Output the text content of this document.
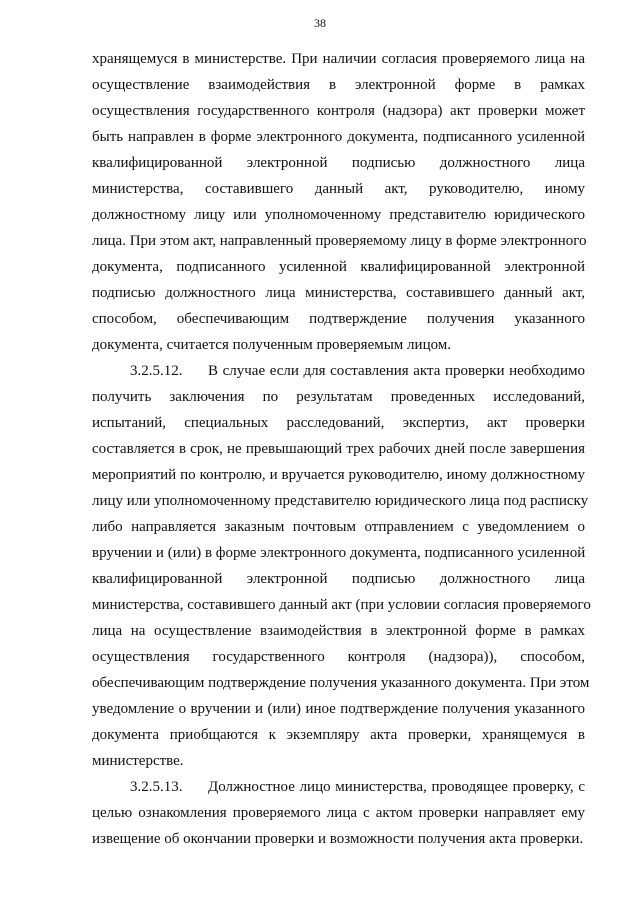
38
хранящемуся в министерстве. При наличии согласия проверяемого лица на
осуществление взаимодействия в электронной форме в рамках
осуществления государственного контроля (надзора) акт проверки может
быть направлен в форме электронного документа, подписанного усиленной
квалифицированной электронной подписью должностного лица
министерства, составившего данный акт, руководителю, иному
должностному лицу или уполномоченному представителю юридического
лица. При этом акт, направленный проверяемому лицу в форме электронного
документа, подписанного усиленной квалифицированной электронной
подписью должностного лица министерства, составившего данный акт,
способом, обеспечивающим подтверждение получения указанного
документа, считается полученным проверяемым лицом.
3.2.5.12. В случае если для составления акта проверки необходимо
получить заключения по результатам проведенных исследований,
испытаний, специальных расследований, экспертиз, акт проверки
составляется в срок, не превышающий трех рабочих дней после завершения
мероприятий по контролю, и вручается руководителю, иному должностному
лицу или уполномоченному представителю юридического лица под расписку
либо направляется заказным почтовым отправлением с уведомлением о
вручении и (или) в форме электронного документа, подписанного усиленной
квалифицированной электронной подписью должностного лица
министерства, составившего данный акт (при условии согласия проверяемого
лица на осуществление взаимодействия в электронной форме в рамках
осуществления государственного контроля (надзора)), способом,
обеспечивающим подтверждение получения указанного документа. При этом
уведомление о вручении и (или) иное подтверждение получения указанного
документа приобщаются к экземпляру акта проверки, хранящемуся в
министерстве.
3.2.5.13. Должностное лицо министерства, проводящее проверку, с
целью ознакомления проверяемого лица с актом проверки направляет ему
извещение об окончании проверки и возможности получения акта проверки.
